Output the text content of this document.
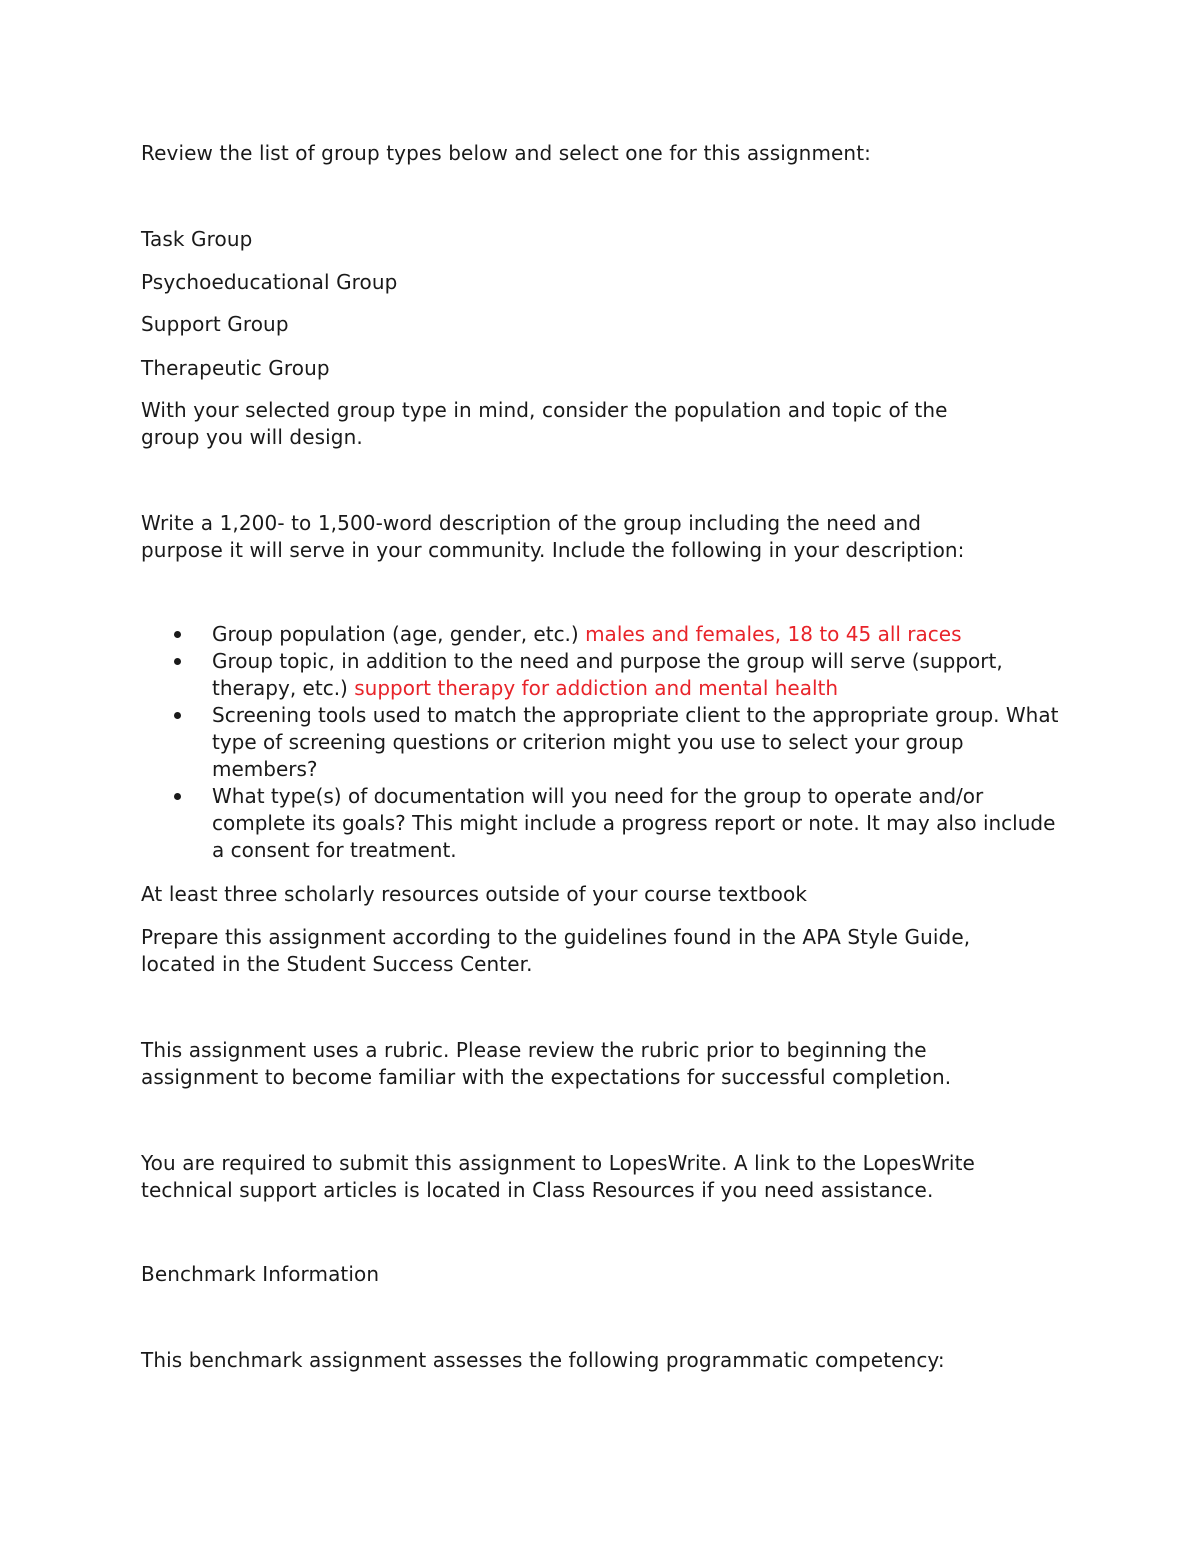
Review the list of group types below and select one for this assignment:

Task Group

Psychoeducational Group

Support Group

Therapeutic Group

With your selected group type in mind, consider the population and topic of the

group you will design.

Write a 1,200- to 1,500-word description of the group including the need and

purpose it will serve in your community. Include the following in your description:

Group population (age, gender, etc.) males and females, 18 to 45 all races
Group topic, in addition to the need and purpose the group will serve (support, therapy, etc.) support therapy for addiction and mental health
Screening tools used to match the appropriate client to the appropriate group. What type of screening questions or criterion might you use to select your group members?
What type(s) of documentation will you need for the group to operate and/or complete its goals? This might include a progress report or note. It may also include a consent for treatment.

At least three scholarly resources outside of your course textbook

Prepare this assignment according to the guidelines found in the APA Style Guide,

located in the Student Success Center.

This assignment uses a rubric. Please review the rubric prior to beginning the

assignment to become familiar with the expectations for successful completion.

You are required to submit this assignment to LopesWrite. A link to the LopesWrite

technical support articles is located in Class Resources if you need assistance.

Benchmark Information

This benchmark assignment assesses the following programmatic competency:
